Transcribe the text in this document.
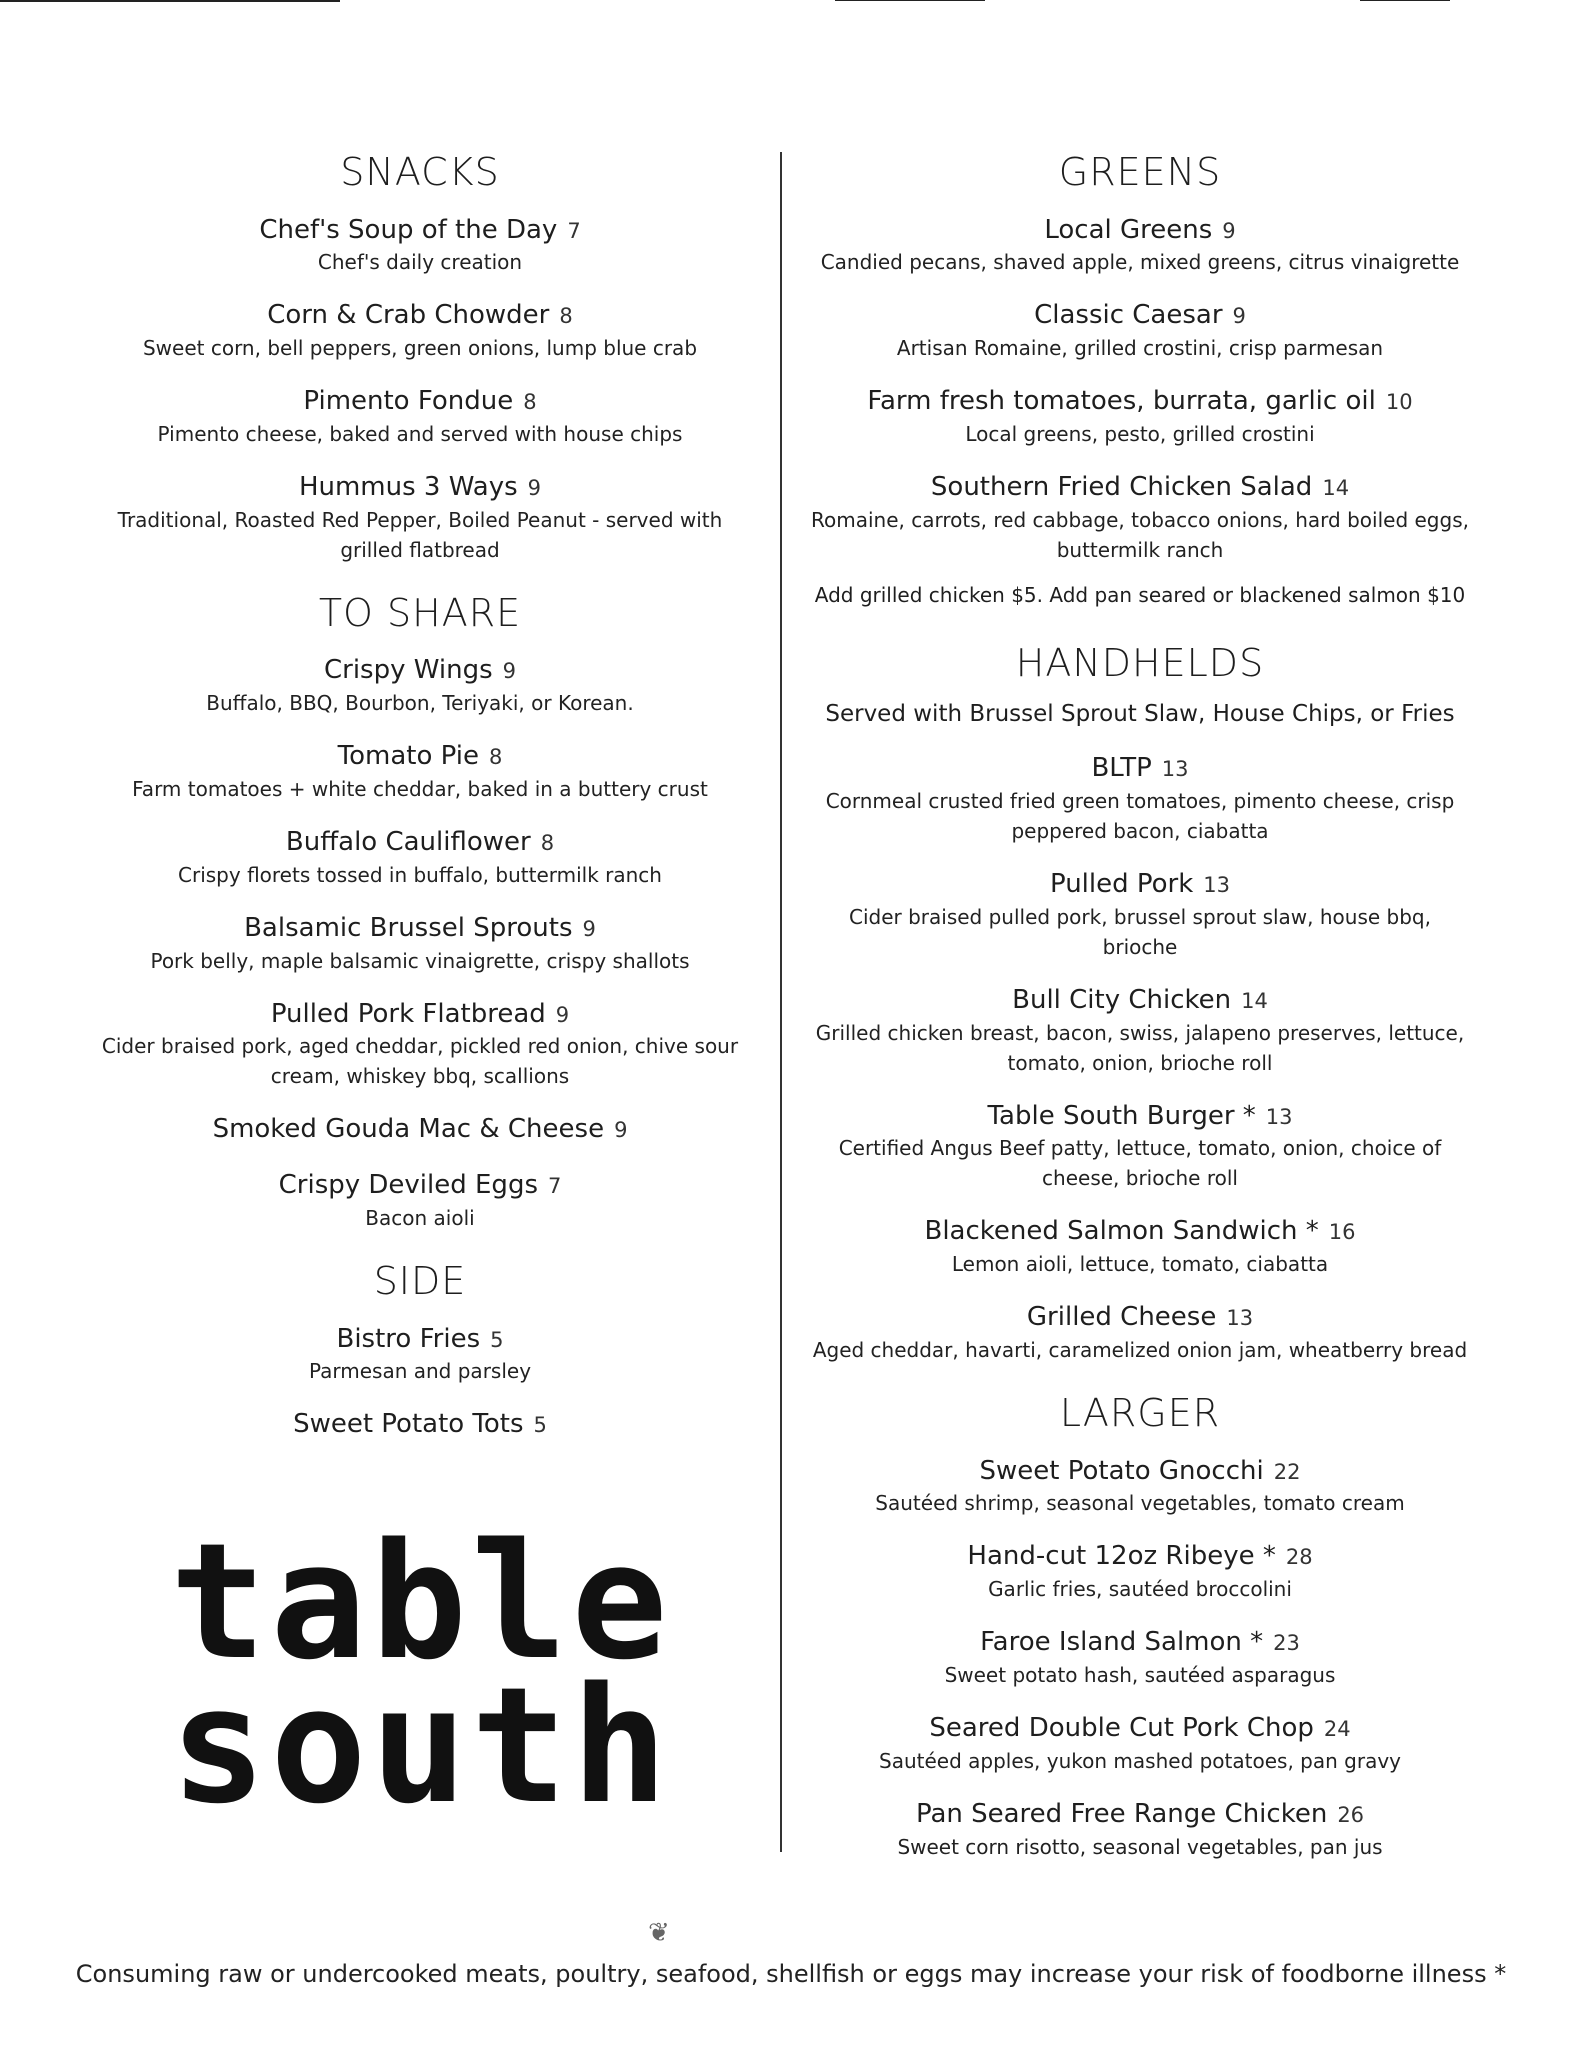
SNACKS
Chef's Soup of the Day 7
Chef's daily creation
Corn & Crab Chowder 8
Sweet corn, bell peppers, green onions, lump blue crab
Pimento Fondue 8
Pimento cheese, baked and served with house chips
Hummus 3 Ways 9
Traditional, Roasted Red Pepper, Boiled Peanut - served with grilled flatbread
TO SHARE
Crispy Wings 9
Buffalo, BBQ, Bourbon, Teriyaki, or Korean.
Tomato Pie 8
Farm tomatoes + white cheddar, baked in a buttery crust
Buffalo Cauliflower 8
Crispy florets tossed in buffalo, buttermilk ranch
Balsamic Brussel Sprouts 9
Pork belly, maple balsamic vinaigrette, crispy shallots
Pulled Pork Flatbread 9
Cider braised pork, aged cheddar, pickled red onion, chive sour cream, whiskey bbq, scallions
Smoked Gouda Mac & Cheese 9
Crispy Deviled Eggs 7
Bacon aioli
SIDE
Bistro Fries 5
Parmesan and parsley
Sweet Potato Tots 5
GREENS
Local Greens 9
Candied pecans, shaved apple, mixed greens, citrus vinaigrette
Classic Caesar 9
Artisan Romaine, grilled crostini, crisp parmesan
Farm fresh tomatoes, burrata, garlic oil 10
Local greens, pesto, grilled crostini
Southern Fried Chicken Salad 14
Romaine, carrots, red cabbage, tobacco onions, hard boiled eggs, buttermilk ranch
Add grilled chicken $5. Add pan seared or blackened salmon $10
HANDHELDS
Served with Brussel Sprout Slaw, House Chips, or Fries
BLTP 13
Cornmeal crusted fried green tomatoes, pimento cheese, crisp peppered bacon, ciabatta
Pulled Pork 13
Cider braised pulled pork, brussel sprout slaw, house bbq, brioche
Bull City Chicken 14
Grilled chicken breast, bacon, swiss, jalapeno preserves, lettuce, tomato, onion, brioche roll
Table South Burger * 13
Certified Angus Beef patty, lettuce, tomato, onion, choice of cheese, brioche roll
Blackened Salmon Sandwich * 16
Lemon aioli, lettuce, tomato, ciabatta
Grilled Cheese 13
Aged cheddar, havarti, caramelized onion jam, wheatberry bread
LARGER
Sweet Potato Gnocchi 22
Sautéed shrimp, seasonal vegetables, tomato cream
Hand-cut 12oz Ribeye * 28
Garlic fries, sautéed broccolini
Faroe Island Salmon * 23
Sweet potato hash, sautéed asparagus
Seared Double Cut Pork Chop 24
Sautéed apples, yukon mashed potatoes, pan gravy
Pan Seared Free Range Chicken 26
Sweet corn risotto, seasonal vegetables, pan jus
table
south
❦
Consuming raw or undercooked meats, poultry, seafood, shellfish or eggs may increase your risk of foodborne illness *
